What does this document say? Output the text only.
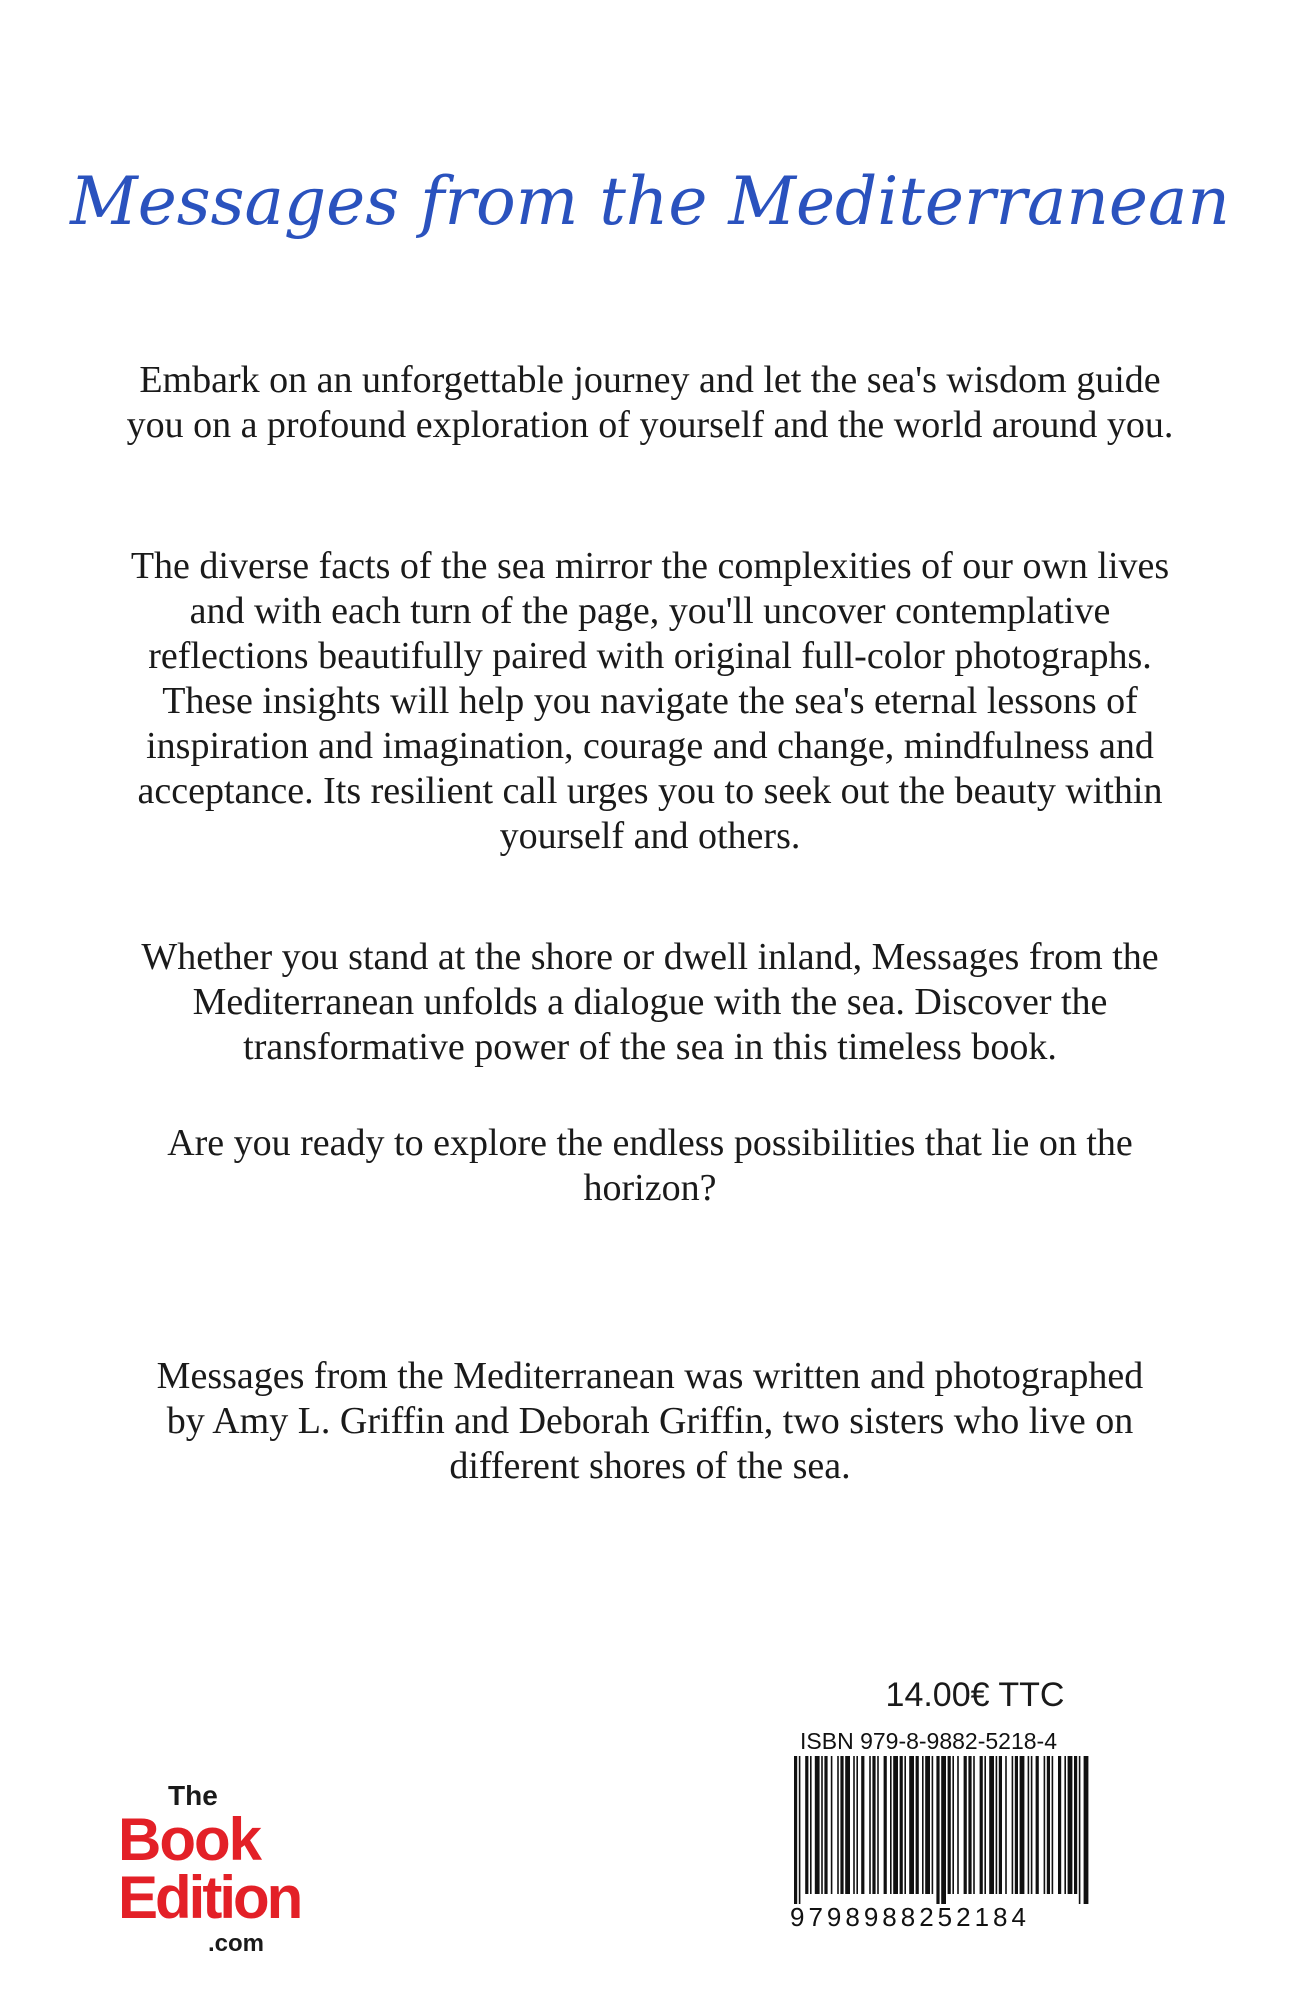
Messages from the Mediterranean

Embark on an unforgettable journey and let the sea's wisdom guide you on a profound exploration of yourself and the world around you.

The diverse facts of the sea mirror the complexities of our own lives and with each turn of the page, you'll uncover contemplative reflections beautifully paired with original full-color photographs. These insights will help you navigate the sea's eternal lessons of inspiration and imagination, courage and change, mindfulness and acceptance. Its resilient call urges you to seek out the beauty within yourself and others.

Whether you stand at the shore or dwell inland, Messages from the Mediterranean unfolds a dialogue with the sea. Discover the transformative power of the sea in this timeless book.

Are you ready to explore the endless possibilities that lie on the horizon?

Messages from the Mediterranean was written and photographed by Amy L. Griffin and Deborah Griffin, two sisters who live on different shores of the sea.

14.00€ TTC
ISBN 979-8-9882-5218-4
9798988252184
The
Book
Edition
.com
